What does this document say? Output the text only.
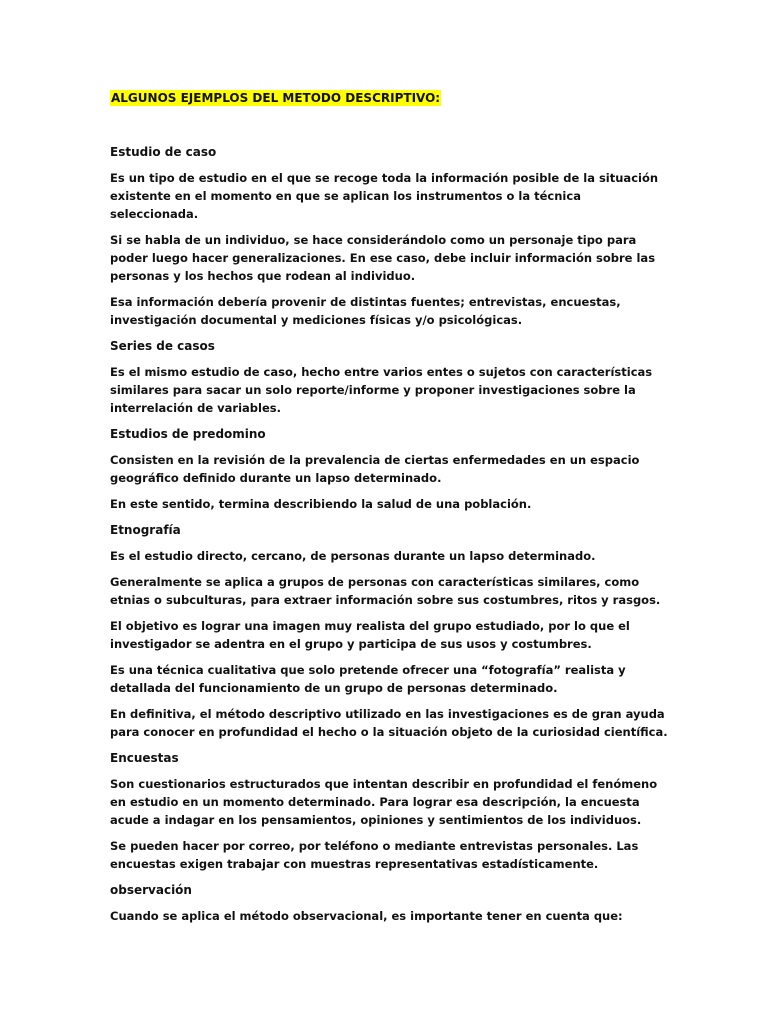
ALGUNOS EJEMPLOS DEL METODO DESCRIPTIVO:
Estudio de caso

Es un tipo de estudio en el que se recoge toda la información posible de la situación existente en el momento en que se aplican los instrumentos o la técnica seleccionada.

Si se habla de un individuo, se hace considerándolo como un personaje tipo para poder luego hacer generalizaciones. En ese caso, debe incluir información sobre las personas y los hechos que rodean al individuo.

Esa información debería provenir de distintas fuentes; entrevistas, encuestas, investigación documental y mediciones físicas y/o psicológicas.

Series de casos

Es el mismo estudio de caso, hecho entre varios entes o sujetos con características similares para sacar un solo reporte/informe y proponer investigaciones sobre la interrelación de variables.

Estudios de predomino

Consisten en la revisión de la prevalencia de ciertas enfermedades en un espacio geográfico definido durante un lapso determinado.

En este sentido, termina describiendo la salud de una población.

Etnografía

Es el estudio directo, cercano, de personas durante un lapso determinado.

Generalmente se aplica a grupos de personas con características similares, como etnias o subculturas, para extraer información sobre sus costumbres, ritos y rasgos.

El objetivo es lograr una imagen muy realista del grupo estudiado, por lo que el investigador se adentra en el grupo y participa de sus usos y costumbres.

Es una técnica cualitativa que solo pretende ofrecer una “fotografía” realista y detallada del funcionamiento de un grupo de personas determinado.

En definitiva, el método descriptivo utilizado en las investigaciones es de gran ayuda para conocer en profundidad el hecho o la situación objeto de la curiosidad científica.

Encuestas

Son cuestionarios estructurados que intentan describir en profundidad el fenómeno en estudio en un momento determinado. Para lograr esa descripción, la encuesta acude a indagar en los pensamientos, opiniones y sentimientos de los individuos.

Se pueden hacer por correo, por teléfono o mediante entrevistas personales. Las encuestas exigen trabajar con muestras representativas estadísticamente.

observación

Cuando se aplica el método observacional, es importante tener en cuenta que:
